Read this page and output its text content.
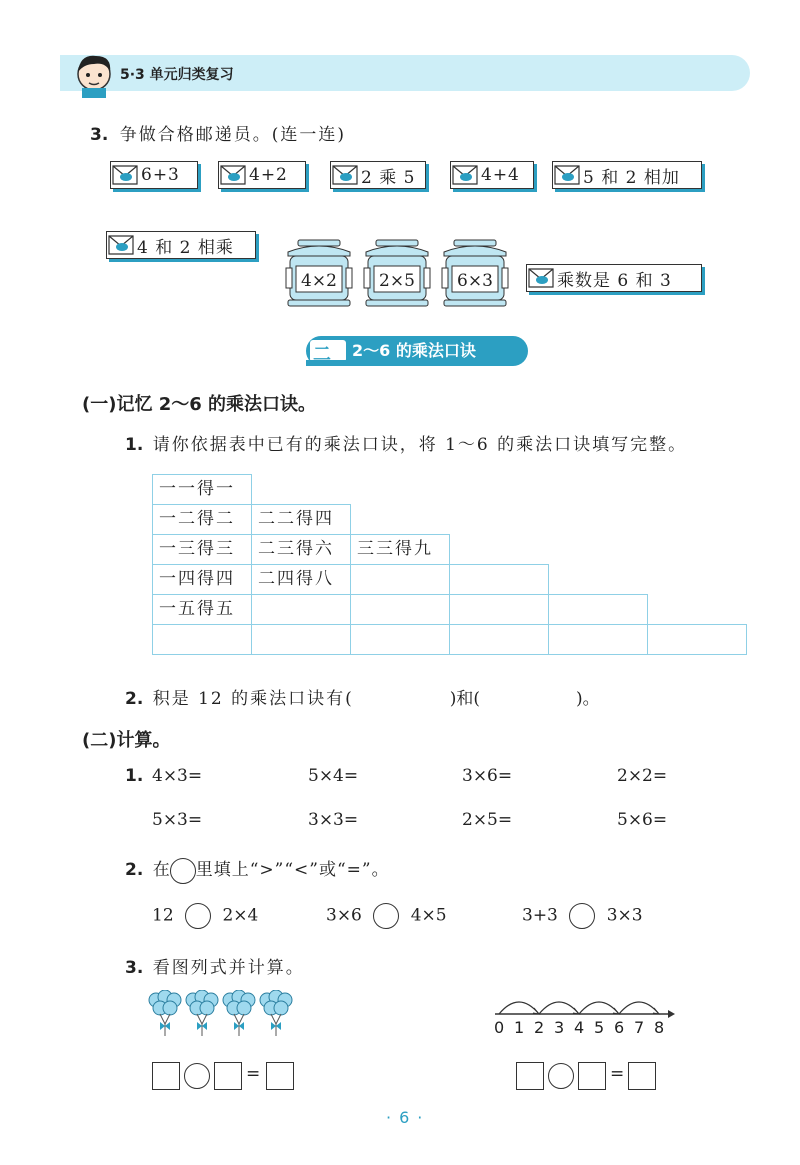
5·3 单元归类复习
3. 争做合格邮递员。(连一连)
6+3	4+2	2 乘 5	4+4	5 和 2 相加
4 和 2 相乘
乘数是 6 和 3
4×2	2×5	6×3
二 2～6 的乘法口诀
(一)记忆 2～6 的乘法口诀。
1. 请你依据表中已有的乘法口诀，将 1～6 的乘法口诀填写完整。
一一得一
一二得二	二二得四
一三得三	二三得六	三三得九
一四得四	二四得八
一五得五
2. 积是 12 的乘法口诀有(	)和(	)。
(二)计算。
1. 4×3=	5×4=	3×6=	2×2=
5×3=	3×3=	2×5=	5×6=
2. 在 里填上“>”“<”或“=”。
12	2×4	3×6	4×5	3+3	3×3
3. 看图列式并计算。
0 1 2 3 4 5 6 7 8
=	=
·6·
